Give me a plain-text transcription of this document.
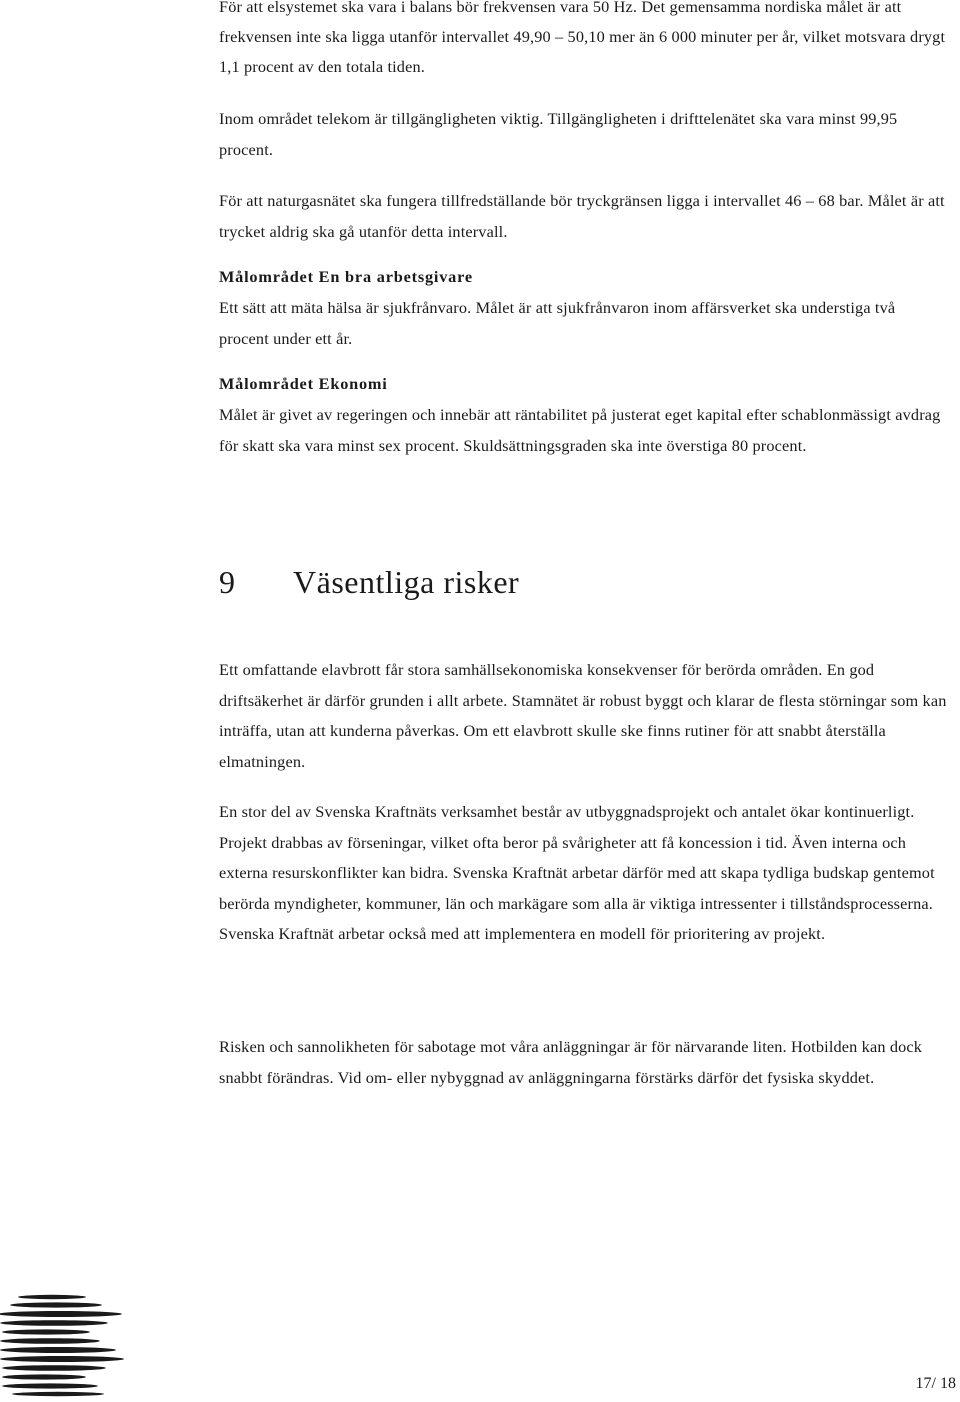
För att elsystemet ska vara i balans bör frekvensen vara 50 Hz. Det gemensamma nordiska målet är att frekvensen inte ska ligga utanför intervallet 49,90 – 50,10 mer än 6 000 minuter per år, vilket motsvara drygt 1,1 procent av den totala tiden.

Inom området telekom är tillgängligheten viktig. Tillgängligheten i drifttelenätet ska vara minst 99,95 procent.

För att naturgasnätet ska fungera tillfredställande bör tryckgränsen ligga i intervallet 46 – 68 bar. Målet är att trycket aldrig ska gå utanför detta intervall.

Målområdet En bra arbetsgivare

Ett sätt att mäta hälsa är sjukfrånvaro. Målet är att sjukfrånvaron inom affärsverket ska understiga två procent under ett år.

Målområdet Ekonomi

Målet är givet av regeringen och innebär att räntabilitet på justerat eget kapital efter schablonmässigt avdrag för skatt ska vara minst sex procent. Skuldsättningsgraden ska inte överstiga 80 procent.

9 Väsentliga risker

Ett omfattande elavbrott får stora samhällsekonomiska konsekvenser för berörda områden. En god driftsäkerhet är därför grunden i allt arbete. Stamnätet är robust byggt och klarar de flesta störningar som kan inträffa, utan att kunderna påverkas. Om ett elavbrott skulle ske finns rutiner för att snabbt återställa elmatningen.

En stor del av Svenska Kraftnäts verksamhet består av utbyggnadsprojekt och antalet ökar kontinuerligt. Projekt drabbas av förseningar, vilket ofta beror på svårigheter att få koncession i tid. Även interna och externa resurskonflikter kan bidra. Svenska Kraftnät arbetar därför med att skapa tydliga budskap gentemot berörda myndigheter, kommuner, län och markägare som alla är viktiga intressenter i tillståndsprocesserna. Svenska Kraftnät arbetar också med att implementera en modell för prioritering av projekt.

Risken och sannolikheten för sabotage mot våra anläggningar är för närvarande liten. Hotbilden kan dock snabbt förändras. Vid om- eller nybyggnad av anläggningarna förstärks därför det fysiska skyddet.

17/ 18
